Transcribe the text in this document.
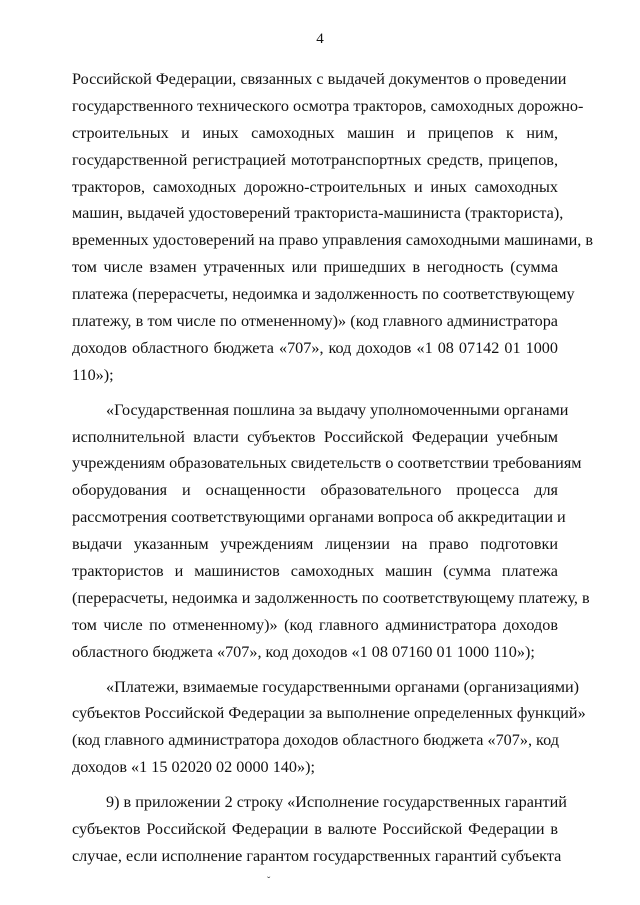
4
Российской Федерации, связанных с выдачей документов о проведении
государственного технического осмотра тракторов, самоходных дорожно-
строительных и иных самоходных машин и прицепов к ним,
государственной регистрацией мототранспортных средств, прицепов,
тракторов, самоходных дорожно-строительных и иных самоходных
машин, выдачей удостоверений тракториста-машиниста (тракториста),
временных удостоверений на право управления самоходными машинами, в
том числе взамен утраченных или пришедших в негодность (сумма
платежа (перерасчеты, недоимка и задолженность по соответствующему
платежу, в том числе по отмененному)» (код главного администратора
доходов областного бюджета «707», код доходов «1 08 07142 01 1000
110»);
«Государственная пошлина за выдачу уполномоченными органами
исполнительной власти субъектов Российской Федерации учебным
учреждениям образовательных свидетельств о соответствии требованиям
оборудования и оснащенности образовательного процесса для
рассмотрения соответствующими органами вопроса об аккредитации и
выдачи указанным учреждениям лицензии на право подготовки
трактористов и машинистов самоходных машин (сумма платежа
(перерасчеты, недоимка и задолженность по соответствующему платежу, в
том числе по отмененному)» (код главного администратора доходов
областного бюджета «707», код доходов «1 08 07160 01 1000 110»);
«Платежи, взимаемые государственными органами (организациями)
субъектов Российской Федерации за выполнение определенных функций»
(код главного администратора доходов областного бюджета «707», код
доходов «1 15 02020 02 0000 140»);
9) в приложении 2 строку «Исполнение государственных гарантий
субъектов Российской Федерации в валюте Российской Федерации в
случае, если исполнение гарантом государственных гарантий субъекта
ˇ
